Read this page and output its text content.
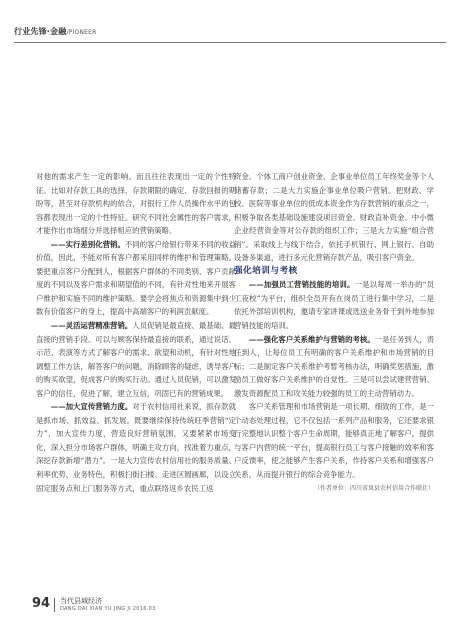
行业先锋·金融/PIONEER

对他的需求产生一定的影响。而且往往表现出一定的个性特征。比如对存款工具的选择、存款期限的确定、存款回报的期盼等，甚至对存款机构的依合，对银行工作人员操作水平的包容都表现出一定的个性特征。研究不同社会属性的客户需求，才能作出市场细分并选择相应的营销策略。

——实行差别化营销。不同的客户给银行带来不同的收益价值，因此，不能对所有客户都采用同样的维护和管理策略。要把重点客户分配到人，根据客户群体的不同类别、客户贡献度的不同以及客户需求和期望值的不同，有针对性地来开展客户维护和实施不同的维护策略。要学会将焦点和资源集中到少数有价值客户的身上，提高中高端客户的利润贡献度。

——灵活运营精准营销。人员促销是最直接、最基础、最直接的营销手段。可以与顾客保持最直接的联系，通过说话、示范、表演等方式了解客户的需求、欲望和动机，有针对性地调整工作方法，解答客户的问题，消除顾客的疑虑，诱导客户的购买欲望，促成客户的购买行动。通过人员促销，可以激发客户的信任，促进了解，建立互信，巩固已有的营销成果。

——加大宣传营销力度。对于农村信用社来说，抓存款就是抓市场、抓效益、抓发展。既要继续保持传统旺季营销“定力”，加大宣传力度，营造良好营销氛围，又要紧紧市场变化，深入担分市场客户群体，明确主攻方向，找准着力重点，深挖存款新增“潜力”。一是大力宣传农村信用社的服务质量、利率优势、业务特色，积极扫街扫楼、走进区圆画廊，以设立固定服务点和上门服务等方式，重点联络返乡农民工返

资金、个体工商户创业资金、企事业单位员工年终奖金等个人储蓄存款；二是大力实施企事业单位吸户营销。把财政、学校、医院等事业单位的低成本资金作为存款营销的重点之一，积极争取各类基础设施建设项目资金、财政直补资金、中小微企业经营资金等对公存款的组织工作；三是大力实施“组合营销”。采取线上与线下结合，依托手机银行、网上银行、自助设备多渠道，进行多元化营销存款产品，吸引客户资金。

强化培训与考核

——加强员工营销技能的培训。一是以每周一举办的“员工夜校”为平台，组织全员开有在岗员工进行集中学习，二是依托外部培训机构，邀请专家讲课或选送业务骨干到外地参加营销技能的培训。

——强化客户关系维护与营销的考核。一是任务到人，责任到人，让每位员工有明确的客户关系维护和市场营销的目标；二是制定客户关系维护考暂考核办法，明确奖惩措施，激励员工做好客户关系维护的自觉性。三是可以尝试建营营销、激发资源配员工和攻关能力较强的员工的主动营销动力。

客户关系管理和市场营销是一项长期、细致的工作，是一个动态处理过程，它不仅包括一系列产品和服务，它还要求银行完整地认识整个客户生命周期，能够真正地了解客户，提供与客户内营的统一平台，提高银行员工与客户接触的效率和客户反馈率，使之能够产生客户关系，作持客户关系和增强客户关系，从而提升银行的综合竞争能力。

（作者单位：四川省岚县农村信用合作联社）

94 当代县域经济
DANG DAI XIAN YU JING JI 2016.03
